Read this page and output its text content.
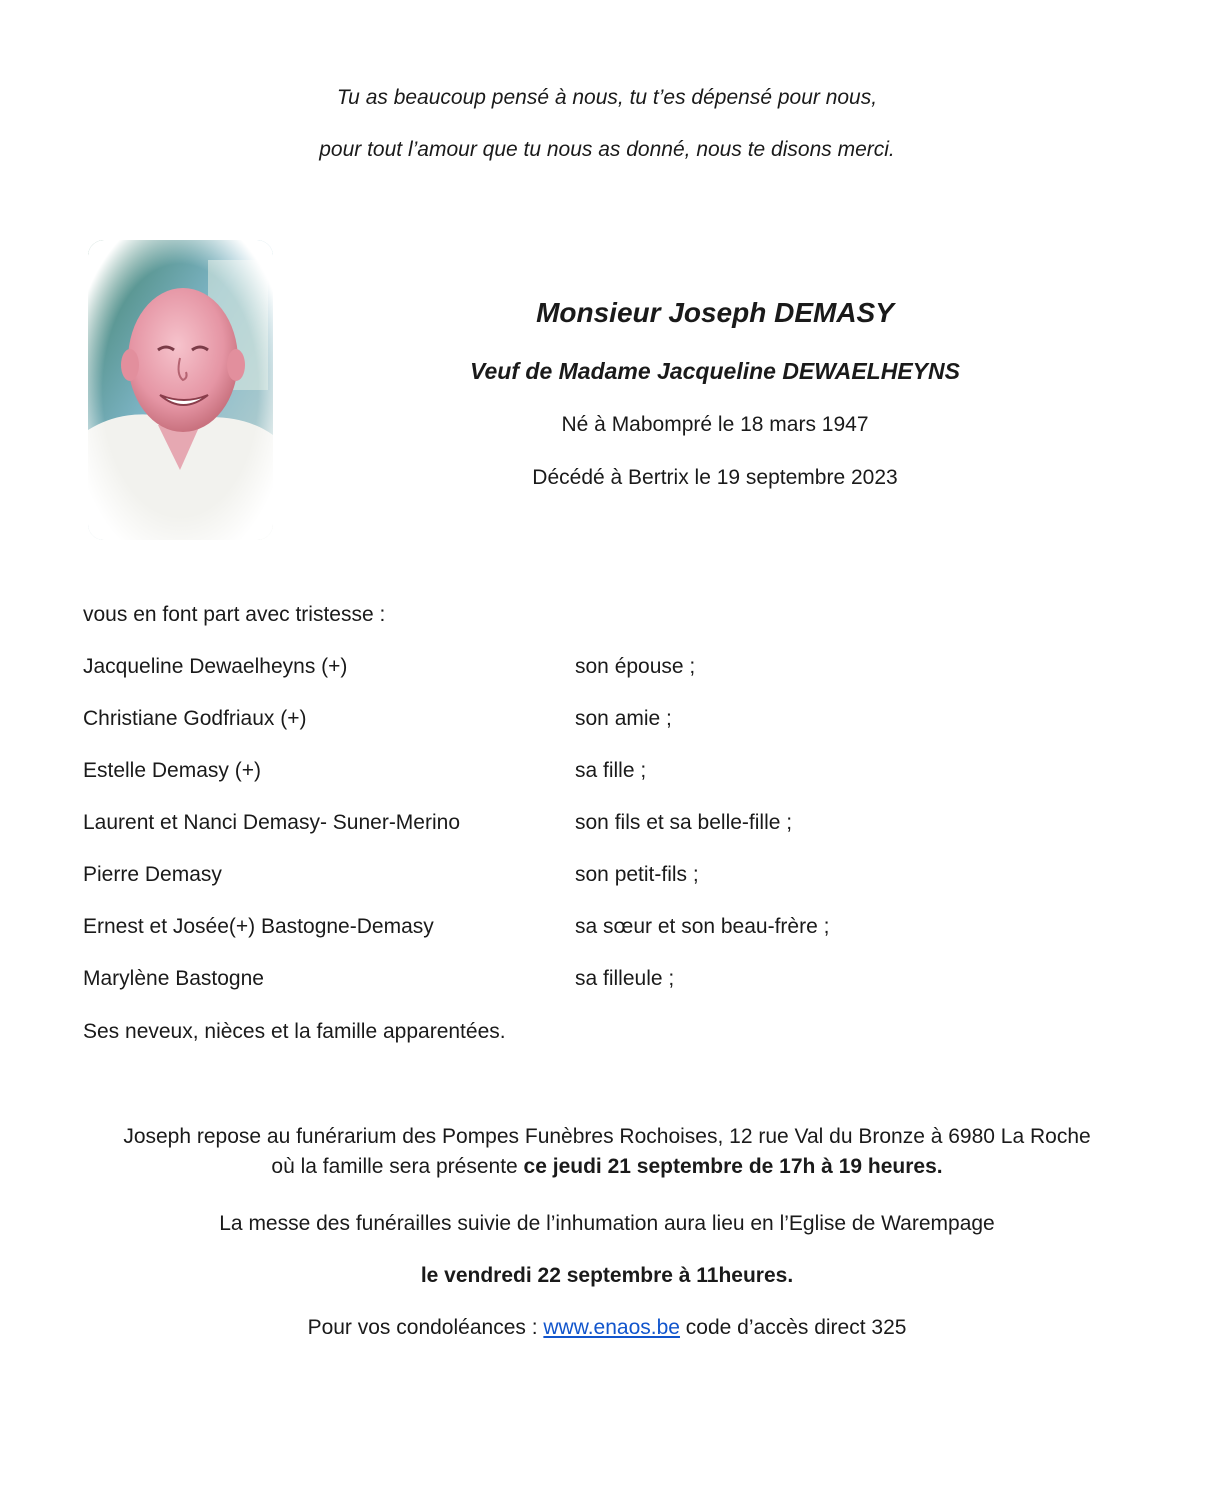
Tu as beaucoup pensé à nous, tu t’es dépensé pour nous,
pour tout l’amour que tu nous as donné, nous te disons merci.
Monsieur Joseph DEMASY
Veuf de Madame Jacqueline DEWAELHEYNS
Né à Mabompré le 18 mars 1947
Décédé à Bertrix le 19 septembre 2023
vous en font part avec tristesse :
Jacqueline Dewaelheyns (+)	son épouse ;
Christiane Godfriaux (+)	son amie ;
Estelle Demasy (+)	sa fille ;
Laurent et Nanci Demasy- Suner-Merino	son fils et sa belle-fille ;
Pierre Demasy	son petit-fils ;
Ernest et Josée(+) Bastogne-Demasy	sa sœur et son beau-frère ;
Marylène Bastogne	sa filleule ;
Ses neveux, nièces et la famille apparentées.
Joseph repose au funérarium des Pompes Funèbres Rochoises, 12 rue Val du Bronze à 6980 La Roche
où la famille sera présente ce jeudi 21 septembre de 17h à 19 heures.
La messe des funérailles suivie de l’inhumation aura lieu en l’Eglise de Warempage
le vendredi 22 septembre à 11heures.
Pour vos condoléances : www.enaos.be code d’accès direct 325
